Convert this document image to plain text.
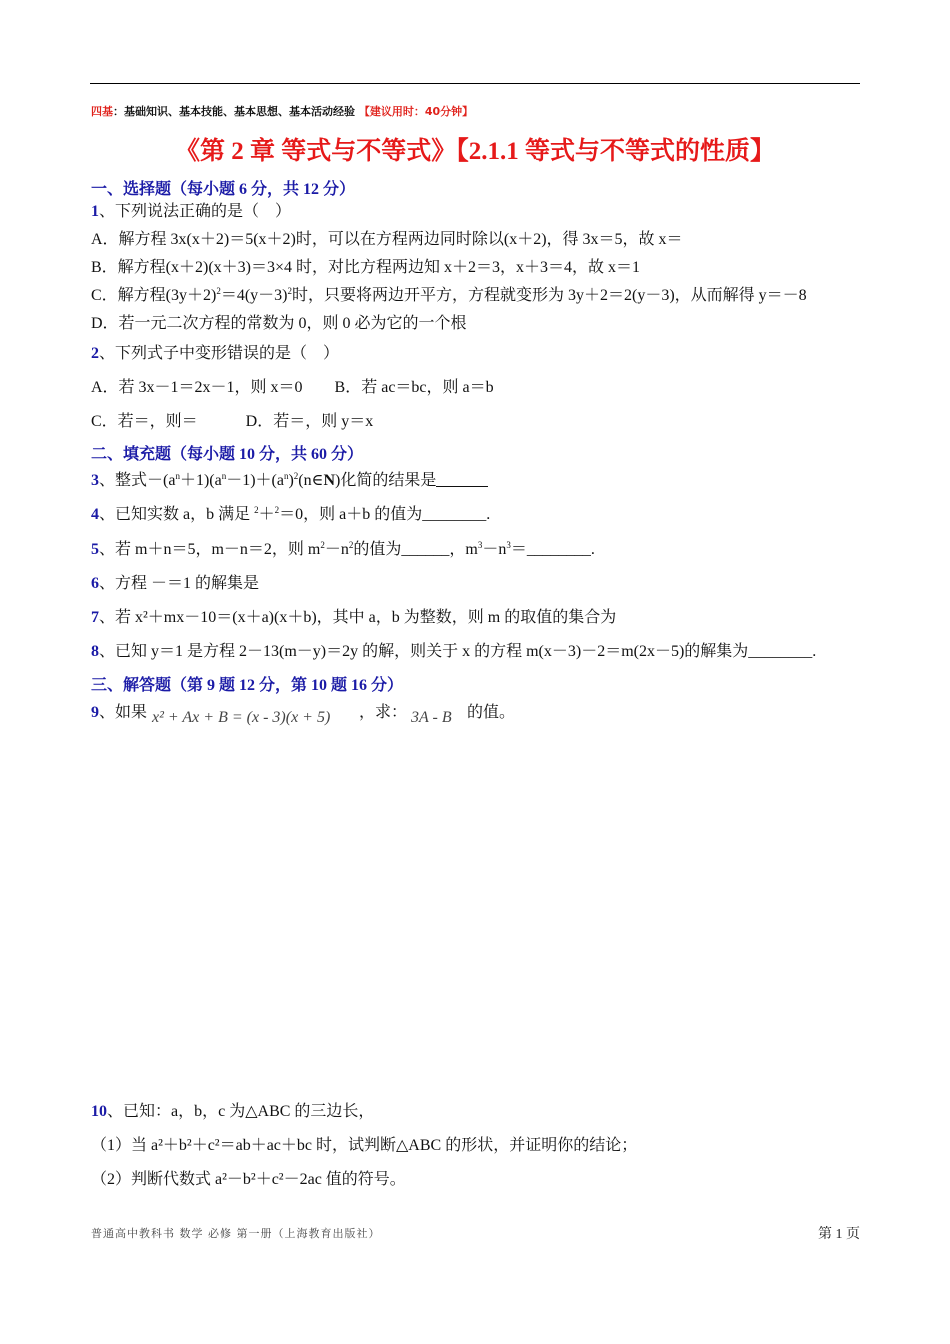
四基：基础知识、基本技能、基本思想、基本活动经验 【建议用时：40分钟】
《第 2 章 等式与不等式》【2.1.1 等式与不等式的性质】
一、选择题（每小题 6 分，共 12 分）
1、下列说法正确的是（　）
A．解方程 3x(x＋2)＝5(x＋2)时，可以在方程两边同时除以(x＋2)，得 3x＝5，故 x＝
B．解方程(x＋2)(x＋3)＝3×4 时，对比方程两边知 x＋2＝3，x＋3＝4，故 x＝1
C．解方程$(3y+2)^2=4(y-3)^2$时，只要将两边开平方，方程就变形为 3y＋2＝2(y－3)，从而解得 y＝－8
D．若一元二次方程的常数为 0，则 0 必为它的一个根
2、下列式子中变形错误的是（　）
A．若 3x－1＝2x－1，则 x＝0　　B．若 ac＝bc，则 a＝b
C．若＝，则＝　　　D．若＝，则 y＝x
二、填充题（每小题 10 分，共 60 分）
3、整式$-(a^n+1)(a^n-1)+(a^n)^2(n\in N)$化简的结果是
4、已知实数 a，b 满足 $^2$＋$^2$＝0，则 a＋b 的值为________.
5、若 m＋n＝5，m－n＝2，则 $m^2-n^2$的值为______，$m^3-n^3=\_\_\_\_\_\_\_\_$.
6、方程 －＝1 的解集是
7、若 x²＋mx－10＝(x＋a)(x＋b)，其中 a，b 为整数，则 m 的取值的集合为
8、已知 y＝1 是方程 2－13(m－y)＝2y 的解，则关于 x 的方程 m(x－3)－2＝m(2x－5)的解集为________.
三、解答题（第 9 题 12 分，第 10 题 16 分）
9、如果 x² + Ax + B = (x - 3)(x + 5) ，求： 3A - B 的值。
10、已知：a，b，c 为△ABC 的三边长，
（1）当 a²＋b²＋c²＝ab＋ac＋bc 时，试判断△ABC 的形状，并证明你的结论；
（2）判断代数式 a²－b²＋c²－2ac 值的符号。
普通高中教科书 数学 必修 第一册（上海教育出版社）	第 1 页
